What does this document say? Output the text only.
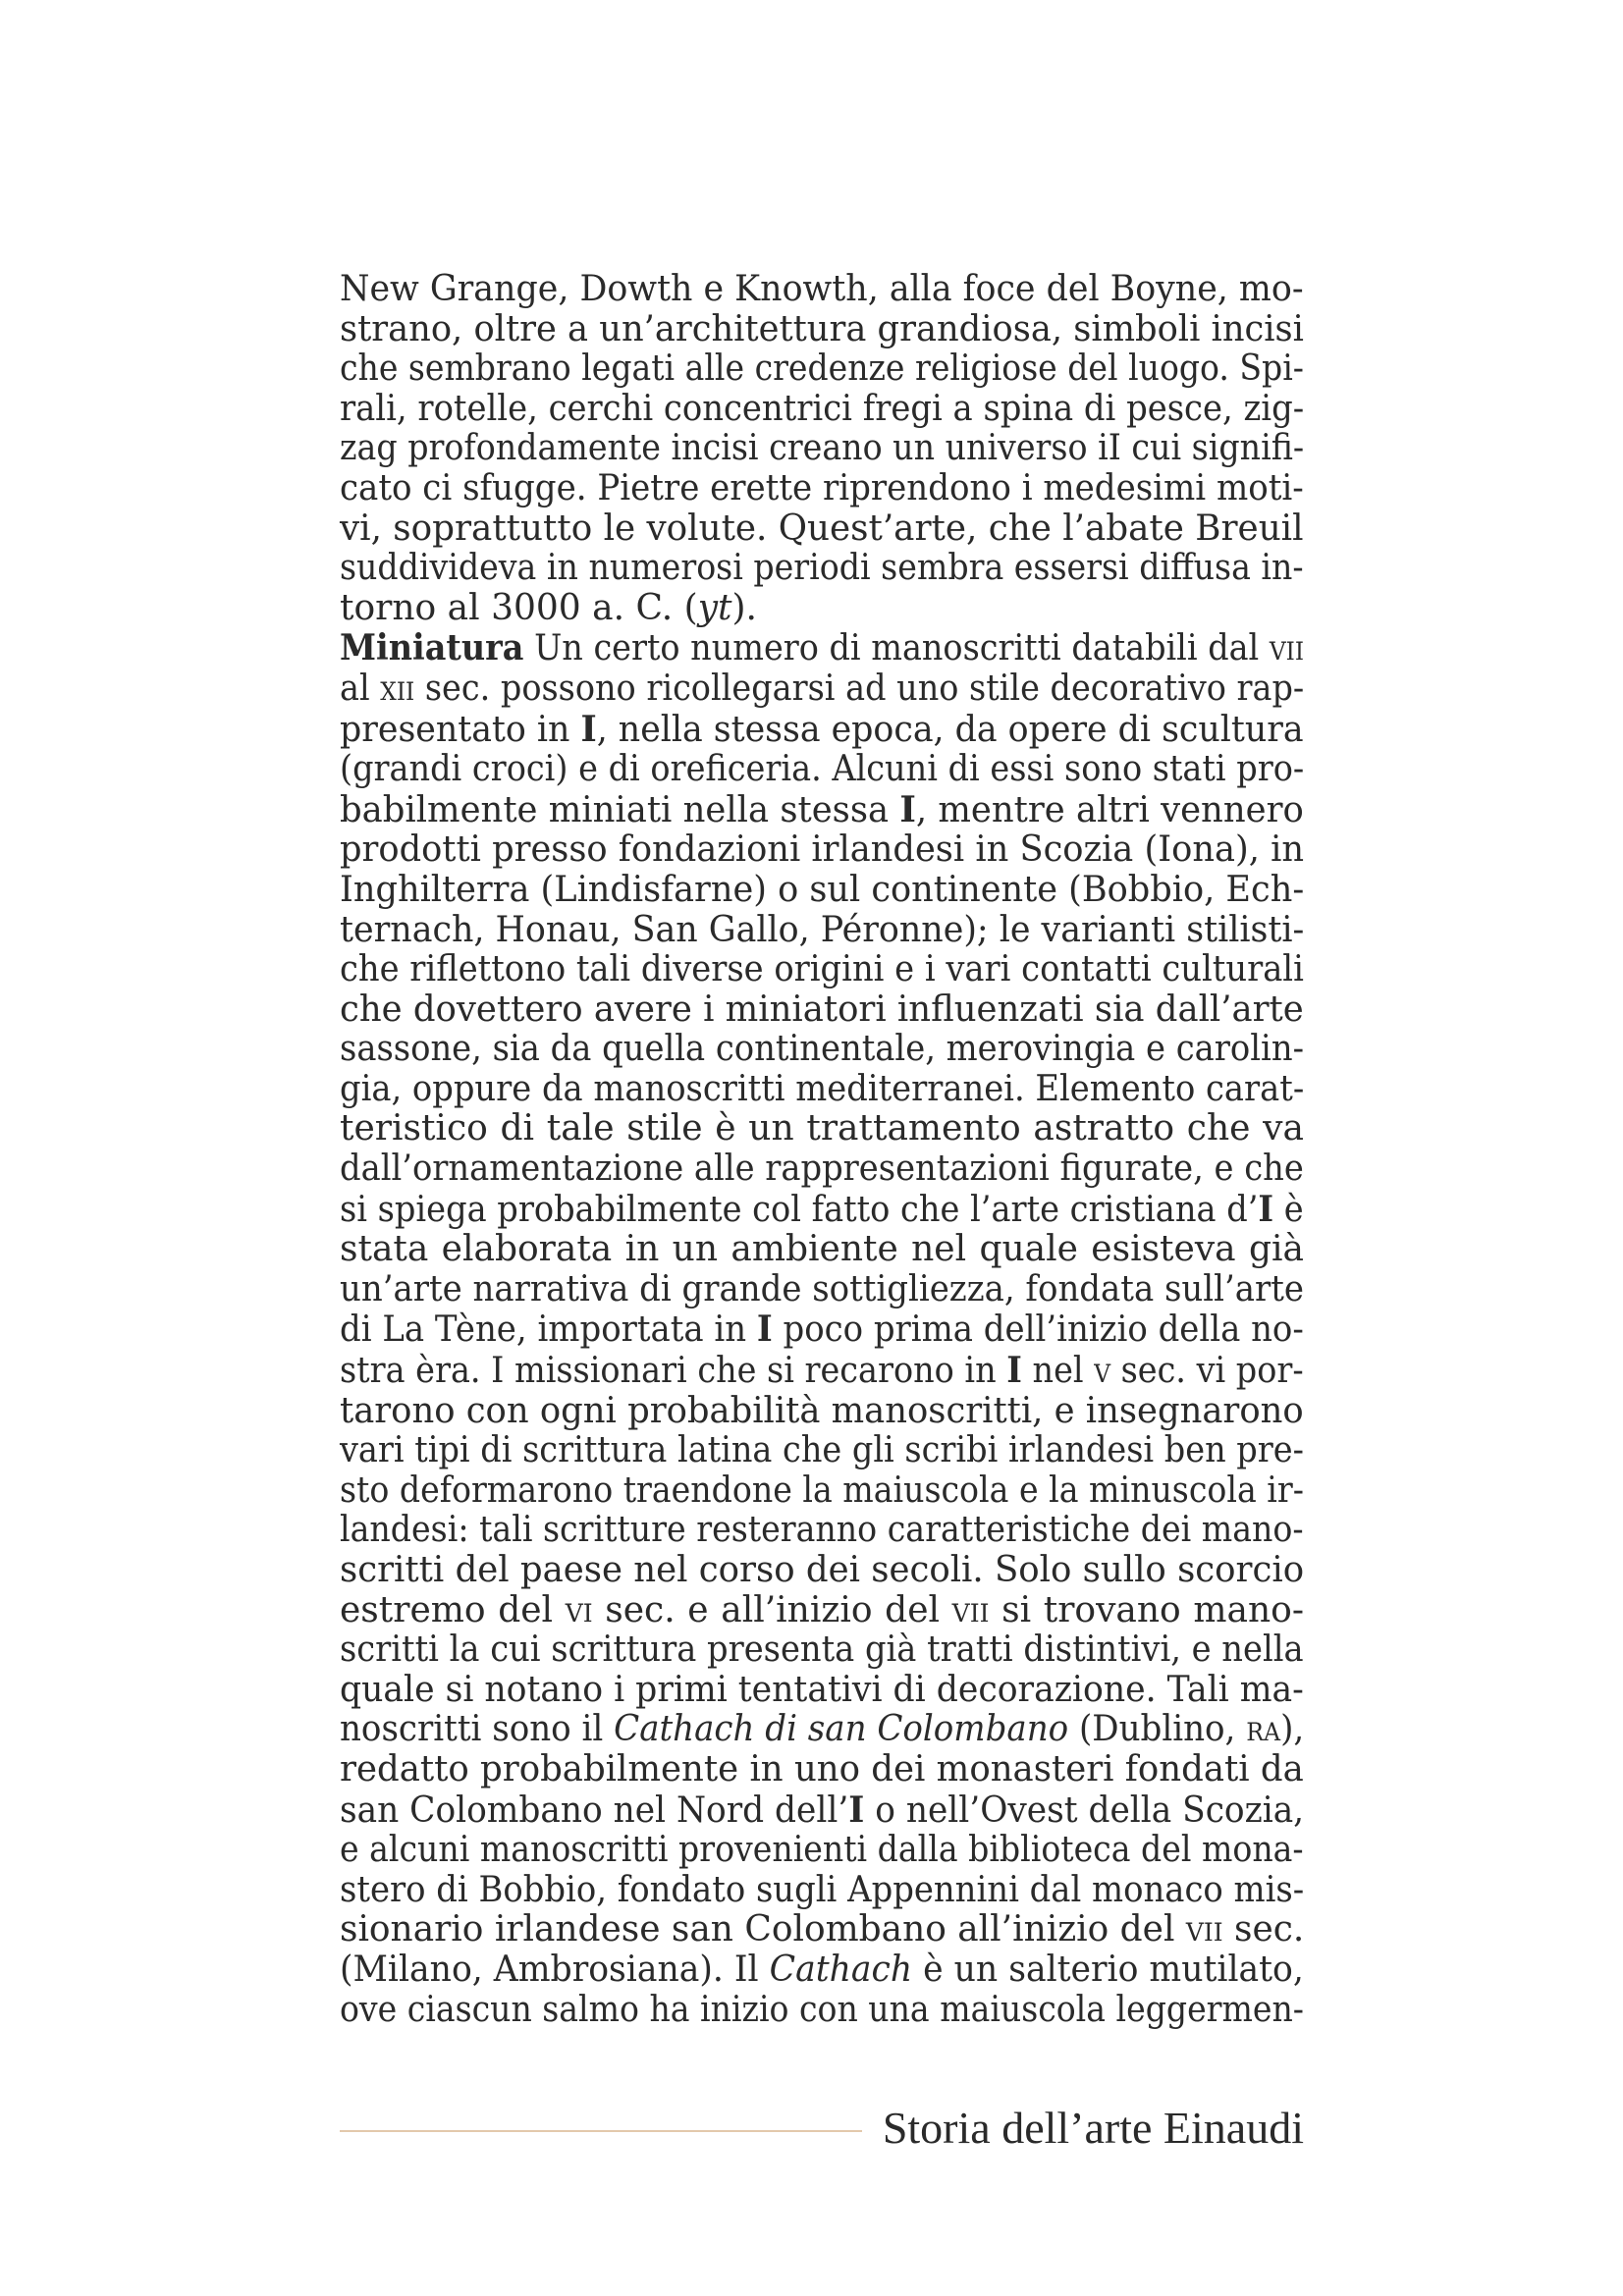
New Grange, Dowth e Knowth, alla foce del Boyne, mo-
strano, oltre a un’architettura grandiosa, simboli incisi
che sembrano legati alle credenze religiose del luogo. Spi-
rali, rotelle, cerchi concentrici fregi a spina di pesce, zig-
zag profondamente incisi creano un universo iI cui signifi-
cato ci sfugge. Pietre erette riprendono i medesimi moti-
vi, soprattutto le volute. Quest’arte, che l’abate Breuil
suddivideva in numerosi periodi sembra essersi diffusa in-
torno al 3000 a. C. (yt).
Miniatura Un certo numero di manoscritti databili dal vii
al xii sec. possono ricollegarsi ad uno stile decorativo rap-
presentato in I, nella stessa epoca, da opere di scultura
(grandi croci) e di oreficeria. Alcuni di essi sono stati pro-
babilmente miniati nella stessa I, mentre altri vennero
prodotti presso fondazioni irlandesi in Scozia (Iona), in
Inghilterra (Lindisfarne) o sul continente (Bobbio, Ech-
ternach, Honau, San Gallo, Péronne); le varianti stilisti-
che riflettono tali diverse origini e i vari contatti culturali
che dovettero avere i miniatori influenzati sia dall’arte
sassone, sia da quella continentale, merovingia e carolin-
gia, oppure da manoscritti mediterranei. Elemento carat-
teristico di tale stile è un trattamento astratto che va
dall’ornamentazione alle rappresentazioni figurate, e che
si spiega probabilmente col fatto che l’arte cristiana d’I è
stata elaborata in un ambiente nel quale esisteva già
un’arte narrativa di grande sottigliezza, fondata sull’arte
di La Tène, importata in I poco prima dell’inizio della no-
stra èra. I missionari che si recarono in I nel v sec. vi por-
tarono con ogni probabilità manoscritti, e insegnarono
vari tipi di scrittura latina che gli scribi irlandesi ben pre-
sto deformarono traendone la maiuscola e la minuscola ir-
landesi: tali scritture resteranno caratteristiche dei mano-
scritti del paese nel corso dei secoli. Solo sullo scorcio
estremo del vi sec. e all’inizio del vii si trovano mano-
scritti la cui scrittura presenta già tratti distintivi, e nella
quale si notano i primi tentativi di decorazione. Tali ma-
noscritti sono il Cathach di san Colombano (Dublino, ra),
redatto probabilmente in uno dei monasteri fondati da
san Colombano nel Nord dell’I o nell’Ovest della Scozia,
e alcuni manoscritti provenienti dalla biblioteca del mona-
stero di Bobbio, fondato sugli Appennini dal monaco mis-
sionario irlandese san Colombano all’inizio del vii sec.
(Milano, Ambrosiana). Il Cathach è un salterio mutilato,
ove ciascun salmo ha inizio con una maiuscola leggermen-
Storia dell’arte Einaudi
